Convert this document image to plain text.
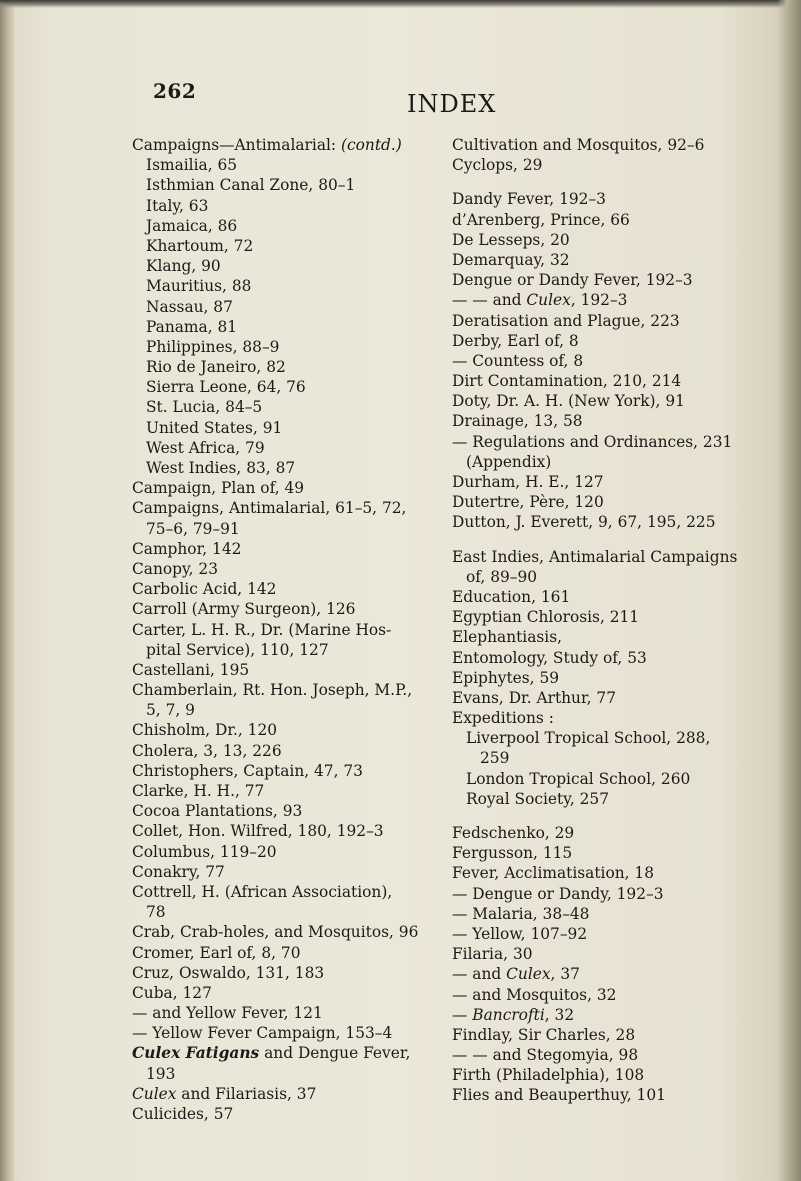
262	INDEX
Campaigns—Antimalarial: (contd.)
Ismailia, 65
Isthmian Canal Zone, 80–1
Italy, 63
Jamaica, 86
Khartoum, 72
Klang, 90
Mauritius, 88
Nassau, 87
Panama, 81
Philippines, 88–9
Rio de Janeiro, 82
Sierra Leone, 64, 76
St. Lucia, 84–5
United States, 91
West Africa, 79
West Indies, 83, 87
Campaign, Plan of, 49
Campaigns, Antimalarial, 61–5, 72,
75–6, 79–91
Camphor, 142
Canopy, 23
Carbolic Acid, 142
Carroll (Army Surgeon), 126
Carter, L. H. R., Dr. (Marine Hos-
pital Service), 110, 127
Castellani, 195
Chamberlain, Rt. Hon. Joseph, M.P.,
5, 7, 9
Chisholm, Dr., 120
Cholera, 3, 13, 226
Christophers, Captain, 47, 73
Clarke, H. H., 77
Cocoa Plantations, 93
Collet, Hon. Wilfred, 180, 192–3
Columbus, 119–20
Conakry, 77
Cottrell, H. (African Association),
78
Crab, Crab-holes, and Mosquitos, 96
Cromer, Earl of, 8, 70
Cruz, Oswaldo, 131, 183
Cuba, 127
— and Yellow Fever, 121
— Yellow Fever Campaign, 153–4
Culex Fatigans and Dengue Fever,
193
Culex and Filariasis, 37
Culicides, 57
Cultivation and Mosquitos, 92–6
Cyclops, 29
Dandy Fever, 192–3
d’Arenberg, Prince, 66
De Lesseps, 20
Demarquay, 32
Dengue or Dandy Fever, 192–3
— — and Culex, 192–3
Deratisation and Plague, 223
Derby, Earl of, 8
— Countess of, 8
Dirt Contamination, 210, 214
Doty, Dr. A. H. (New York), 91
Drainage, 13, 58
— Regulations and Ordinances, 231
(Appendix)
Durham, H. E., 127
Dutertre, Père, 120
Dutton, J. Everett, 9, 67, 195, 225
East Indies, Antimalarial Campaigns
of, 89–90
Education, 161
Egyptian Chlorosis, 211
Elephantiasis,
Entomology, Study of, 53
Epiphytes, 59
Evans, Dr. Arthur, 77
Expeditions :
Liverpool Tropical School, 288,
259
London Tropical School, 260
Royal Society, 257
Fedschenko, 29
Fergusson, 115
Fever, Acclimatisation, 18
— Dengue or Dandy, 192–3
— Malaria, 38–48
— Yellow, 107–92
Filaria, 30
— and Culex, 37
— and Mosquitos, 32
— Bancrofti, 32
Findlay, Sir Charles, 28
— — and Stegomyia, 98
Firth (Philadelphia), 108
Flies and Beauperthuy, 101
